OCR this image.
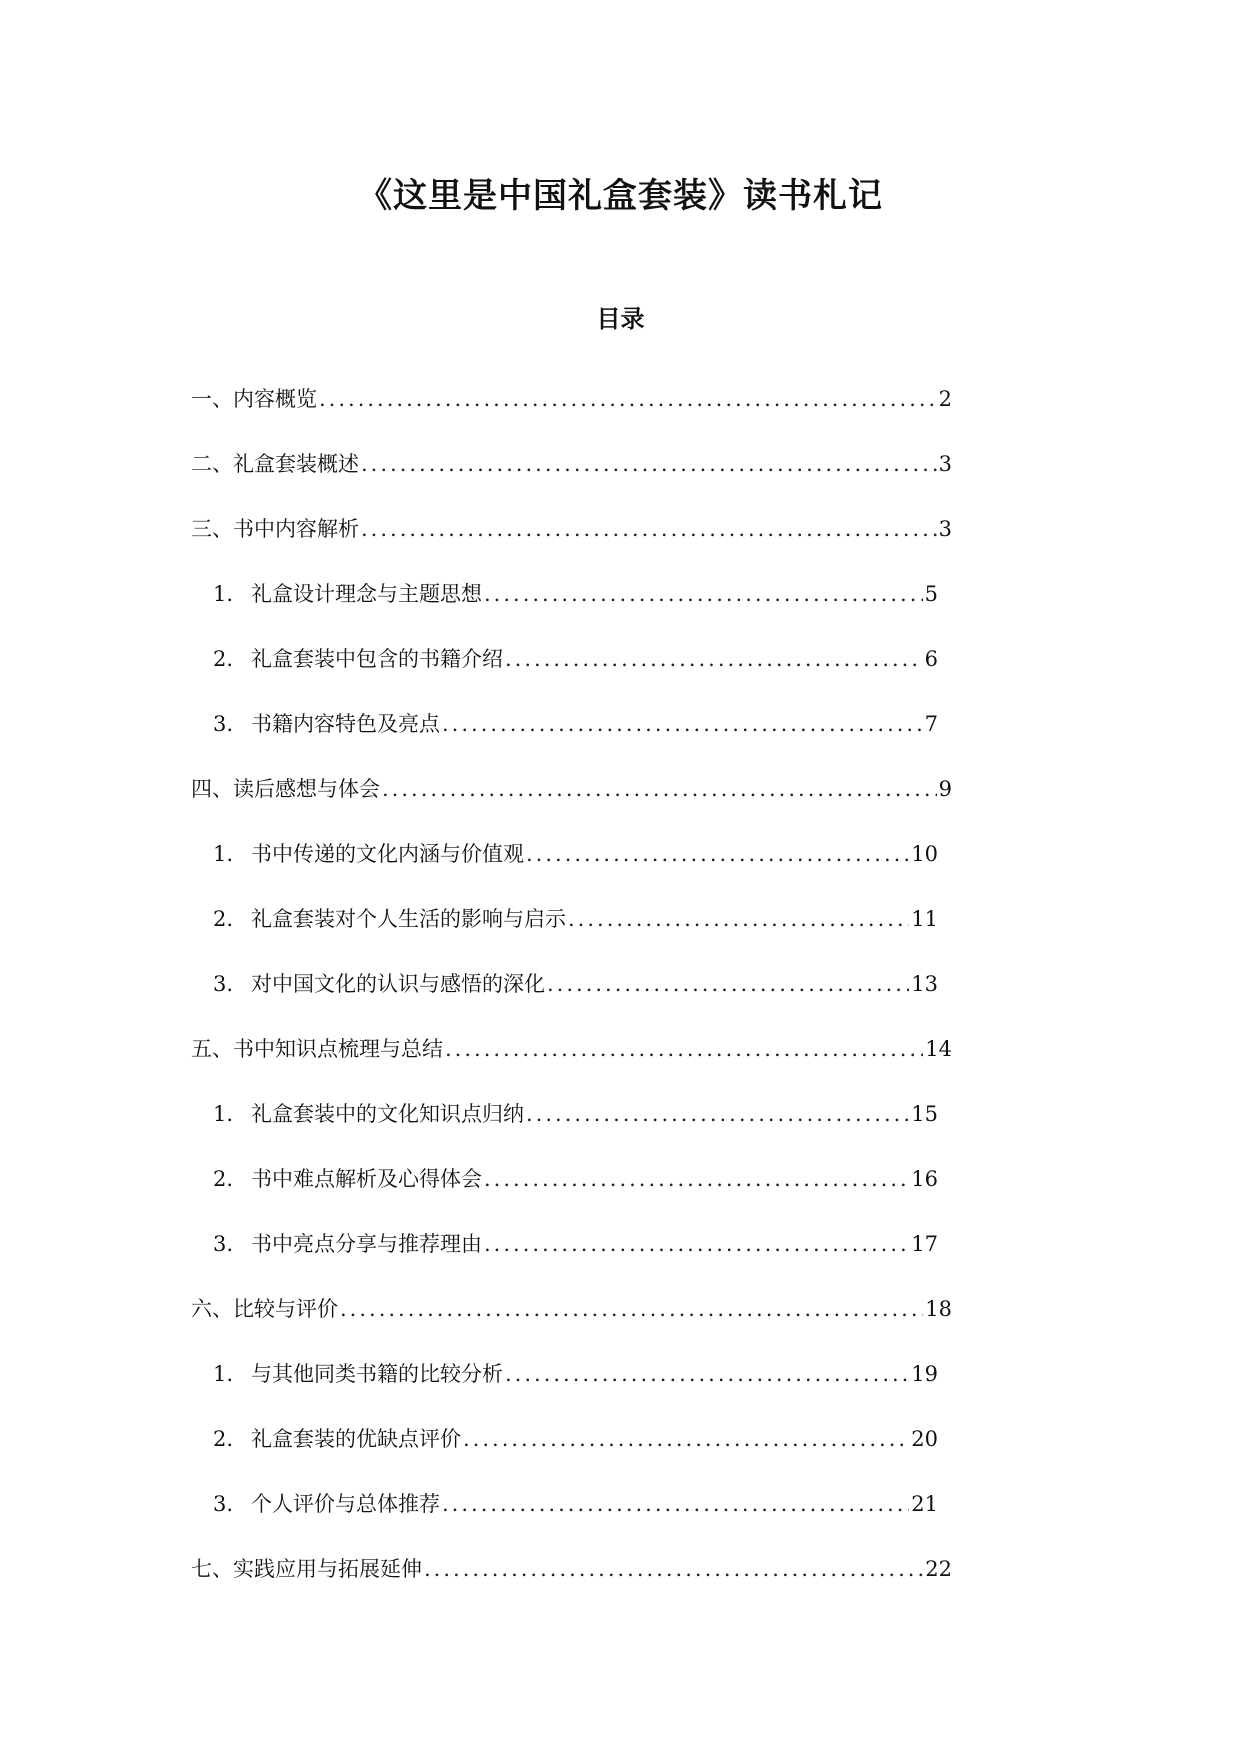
《这里是中国礼盒套装》读书札记
目录
一、内容概览 .....	2
二、礼盒套装概述 .....	3
三、书中内容解析 .....	3
1. 礼盒设计理念与主题思想 .....	5
2. 礼盒套装中包含的书籍介绍 .....	6
3. 书籍内容特色及亮点 .....	7
四、读后感想与体会 .....	9
1. 书中传递的文化内涵与价值观 .....	10
2. 礼盒套装对个人生活的影响与启示 .....	11
3. 对中国文化的认识与感悟的深化 .....	13
五、书中知识点梳理与总结 .....	14
1. 礼盒套装中的文化知识点归纳 .....	15
2. 书中难点解析及心得体会 .....	16
3. 书中亮点分享与推荐理由 .....	17
六、比较与评价 .....	18
1. 与其他同类书籍的比较分析 .....	19
2. 礼盒套装的优缺点评价 .....	20
3. 个人评价与总体推荐 .....	21
七、实践应用与拓展延伸 .....	22
